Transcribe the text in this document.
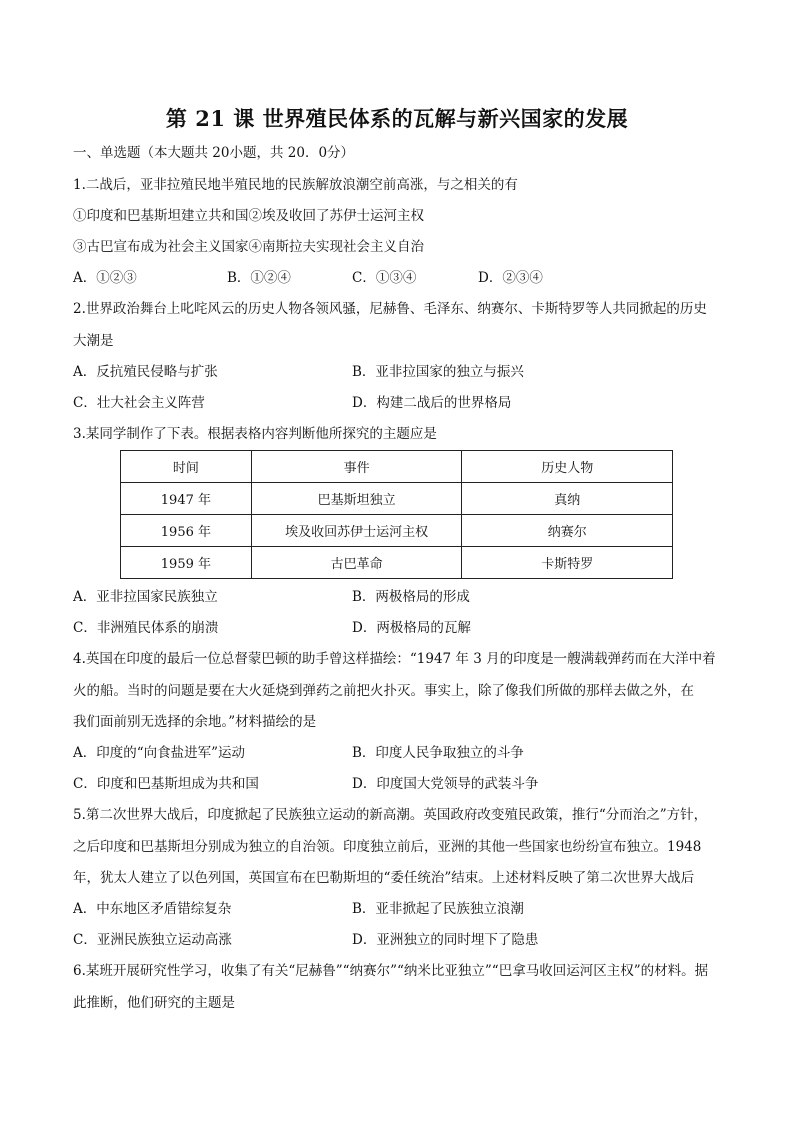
第 21 课 世界殖民体系的瓦解与新兴国家的发展
一、单选题（本大题共 20小题，共 20．0分）
1.二战后，亚非拉殖民地半殖民地的民族解放浪潮空前高涨，与之相关的有
①印度和巴基斯坦建立共和国②埃及收回了苏伊士运河主权
③古巴宣布成为社会主义国家④南斯拉夫实现社会主义自治
A．①②③	B．①②④	C．①③④	D．②③④
2.世界政治舞台上叱咤风云的历史人物各领风骚，尼赫鲁、毛泽东、纳赛尔、卡斯特罗等人共同掀起的历史
大潮是
A．反抗殖民侵略与扩张	B．亚非拉国家的独立与振兴
C．壮大社会主义阵营	D．构建二战后的世界格局
3.某同学制作了下表。根据表格内容判断他所探究的主题应是
时间	事件	历史人物
1947 年	巴基斯坦独立	真纳
1956 年	埃及收回苏伊士运河主权	纳赛尔
1959 年	古巴革命	卡斯特罗
A．亚非拉国家民族独立	B．两极格局的形成
C．非洲殖民体系的崩溃	D．两极格局的瓦解
4.英国在印度的最后一位总督蒙巴顿的助手曾这样描绘：“1947 年 3 月的印度是一艘满载弹药而在大洋中着
火的船。当时的问题是要在大火延烧到弹药之前把火扑灭。事实上，除了像我们所做的那样去做之外，在
我们面前别无选择的余地。”材料描绘的是
A．印度的“向食盐进军”运动	B．印度人民争取独立的斗争
C．印度和巴基斯坦成为共和国	D．印度国大党领导的武装斗争
5.第二次世界大战后，印度掀起了民族独立运动的新高潮。英国政府改变殖民政策，推行“分而治之”方针，
之后印度和巴基斯坦分别成为独立的自治领。印度独立前后，亚洲的其他一些国家也纷纷宣布独立。1948
年，犹太人建立了以色列国，英国宣布在巴勒斯坦的“委任统治”结束。上述材料反映了第二次世界大战后
A．中东地区矛盾错综复杂	B．亚非掀起了民族独立浪潮
C．亚洲民族独立运动高涨	D．亚洲独立的同时埋下了隐患
6.某班开展研究性学习，收集了有关“尼赫鲁”“纳赛尔”“纳米比亚独立”“巴拿马收回运河区主权”的材料。据
此推断，他们研究的主题是
